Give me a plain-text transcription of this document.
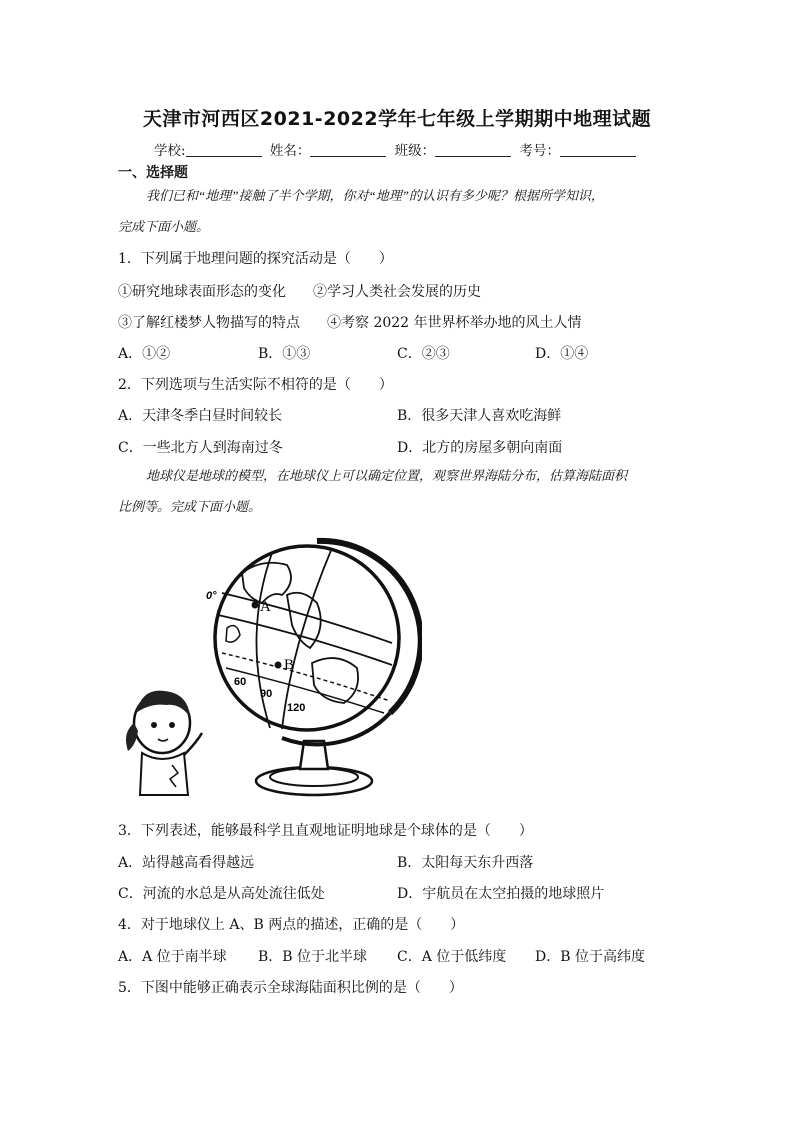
天津市河西区2021-2022学年七年级上学期期中地理试题
学校:	姓名：	班级：	考号：
一、选择题
我们已和“地理”接触了半个学期，你对“地理”的认识有多少呢？根据所学知识，
完成下面小题。
1．下列属于地理问题的探究活动是（　　）
①研究地球表面形态的变化 ②学习人类社会发展的历史
③了解红楼梦人物描写的特点 ④考察 2022 年世界杯举办地的风土人情
A．①②	B．①③	C．②③	D．①④
2．下列选项与生活实际不相符的是（　　）
A．天津冬季白昼时间较长	B．很多天津人喜欢吃海鲜
C．一些北方人到海南过冬	D．北方的房屋多朝向南面
地球仪是地球的模型，在地球仪上可以确定位置，观察世界海陆分布，估算海陆面积
比例等。完成下面小题。
A
B
0°
60
90
120
3．下列表述，能够最科学且直观地证明地球是个球体的是（　　）
A．站得越高看得越远	B．太阳每天东升西落
C．河流的水总是从高处流往低处	D．宇航员在太空拍摄的地球照片
4．对于地球仪上 A、B 两点的描述，正确的是（　　）
A．A 位于南半球 B．B 位于北半球 C．A 位于低纬度 D．B 位于高纬度
5．下图中能够正确表示全球海陆面积比例的是（　　）
